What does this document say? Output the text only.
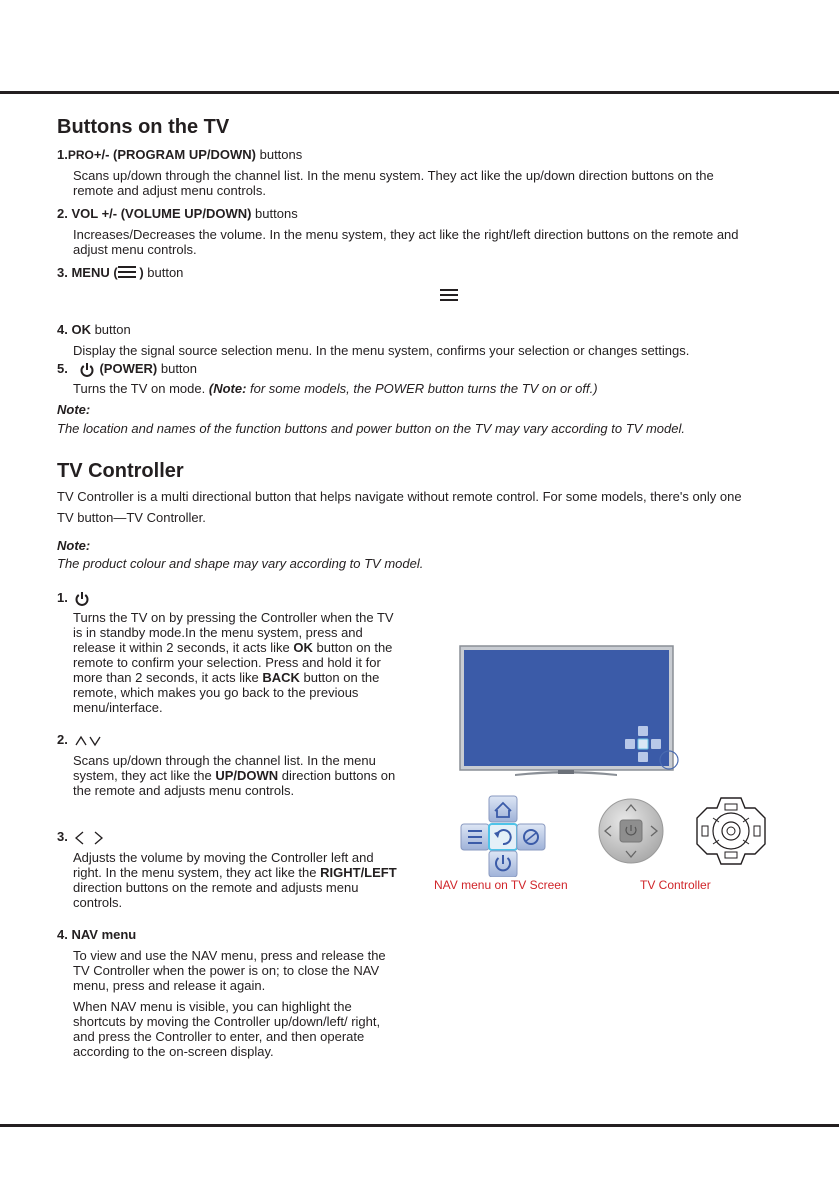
Buttons on the TV
1.PRO+/- (PROGRAM UP/DOWN) buttons
Scans up/down through the channel list. In the menu system. They act like the up/down direction buttons on the remote and adjust menu controls.
2. VOL +/- (VOLUME UP/DOWN) buttons
Increases/Decreases the volume. In the menu system, they act like the right/left direction buttons on the remote and adjust menu controls.
3. MENU ( ) button
4. OK button
Display the signal source selection menu. In the menu system, confirms your selection or changes settings.
5. (POWER) button
Turns the TV on mode. (Note: for some models, the POWER button turns the TV on or off.)
Note:
The location and names of the function buttons and power button on the TV may vary according to TV model.
TV Controller
TV Controller is a multi directional button that helps navigate without remote control. For some models, there's only one TV button—TV Controller.
Note:
The product colour and shape may vary according to TV model.
1.
Turns the TV on by pressing the Controller when the TV is in standby mode.In the menu system, press and release it within 2 seconds, it acts like OK button on the remote to confirm your selection. Press and hold it for more than 2 seconds, it acts like BACK button on the remote, which makes you go back to the previous menu/interface.
2.
Scans up/down through the channel list. In the menu system, they act like the UP/DOWN direction buttons on the remote and adjusts menu controls.
3.
Adjusts the volume by moving the Controller left and right. In the menu system, they act like the RIGHT/LEFT direction buttons on the remote and adjusts menu controls.
4. NAV menu
To view and use the NAV menu, press and release the TV Controller when the power is on; to close the NAV menu, press and release it again.
When NAV menu is visible, you can highlight the shortcuts by moving the Controller up/down/left/ right, and press the Controller to enter, and then operate according to the on-screen display.
NAV menu on TV Screen	TV Controller
